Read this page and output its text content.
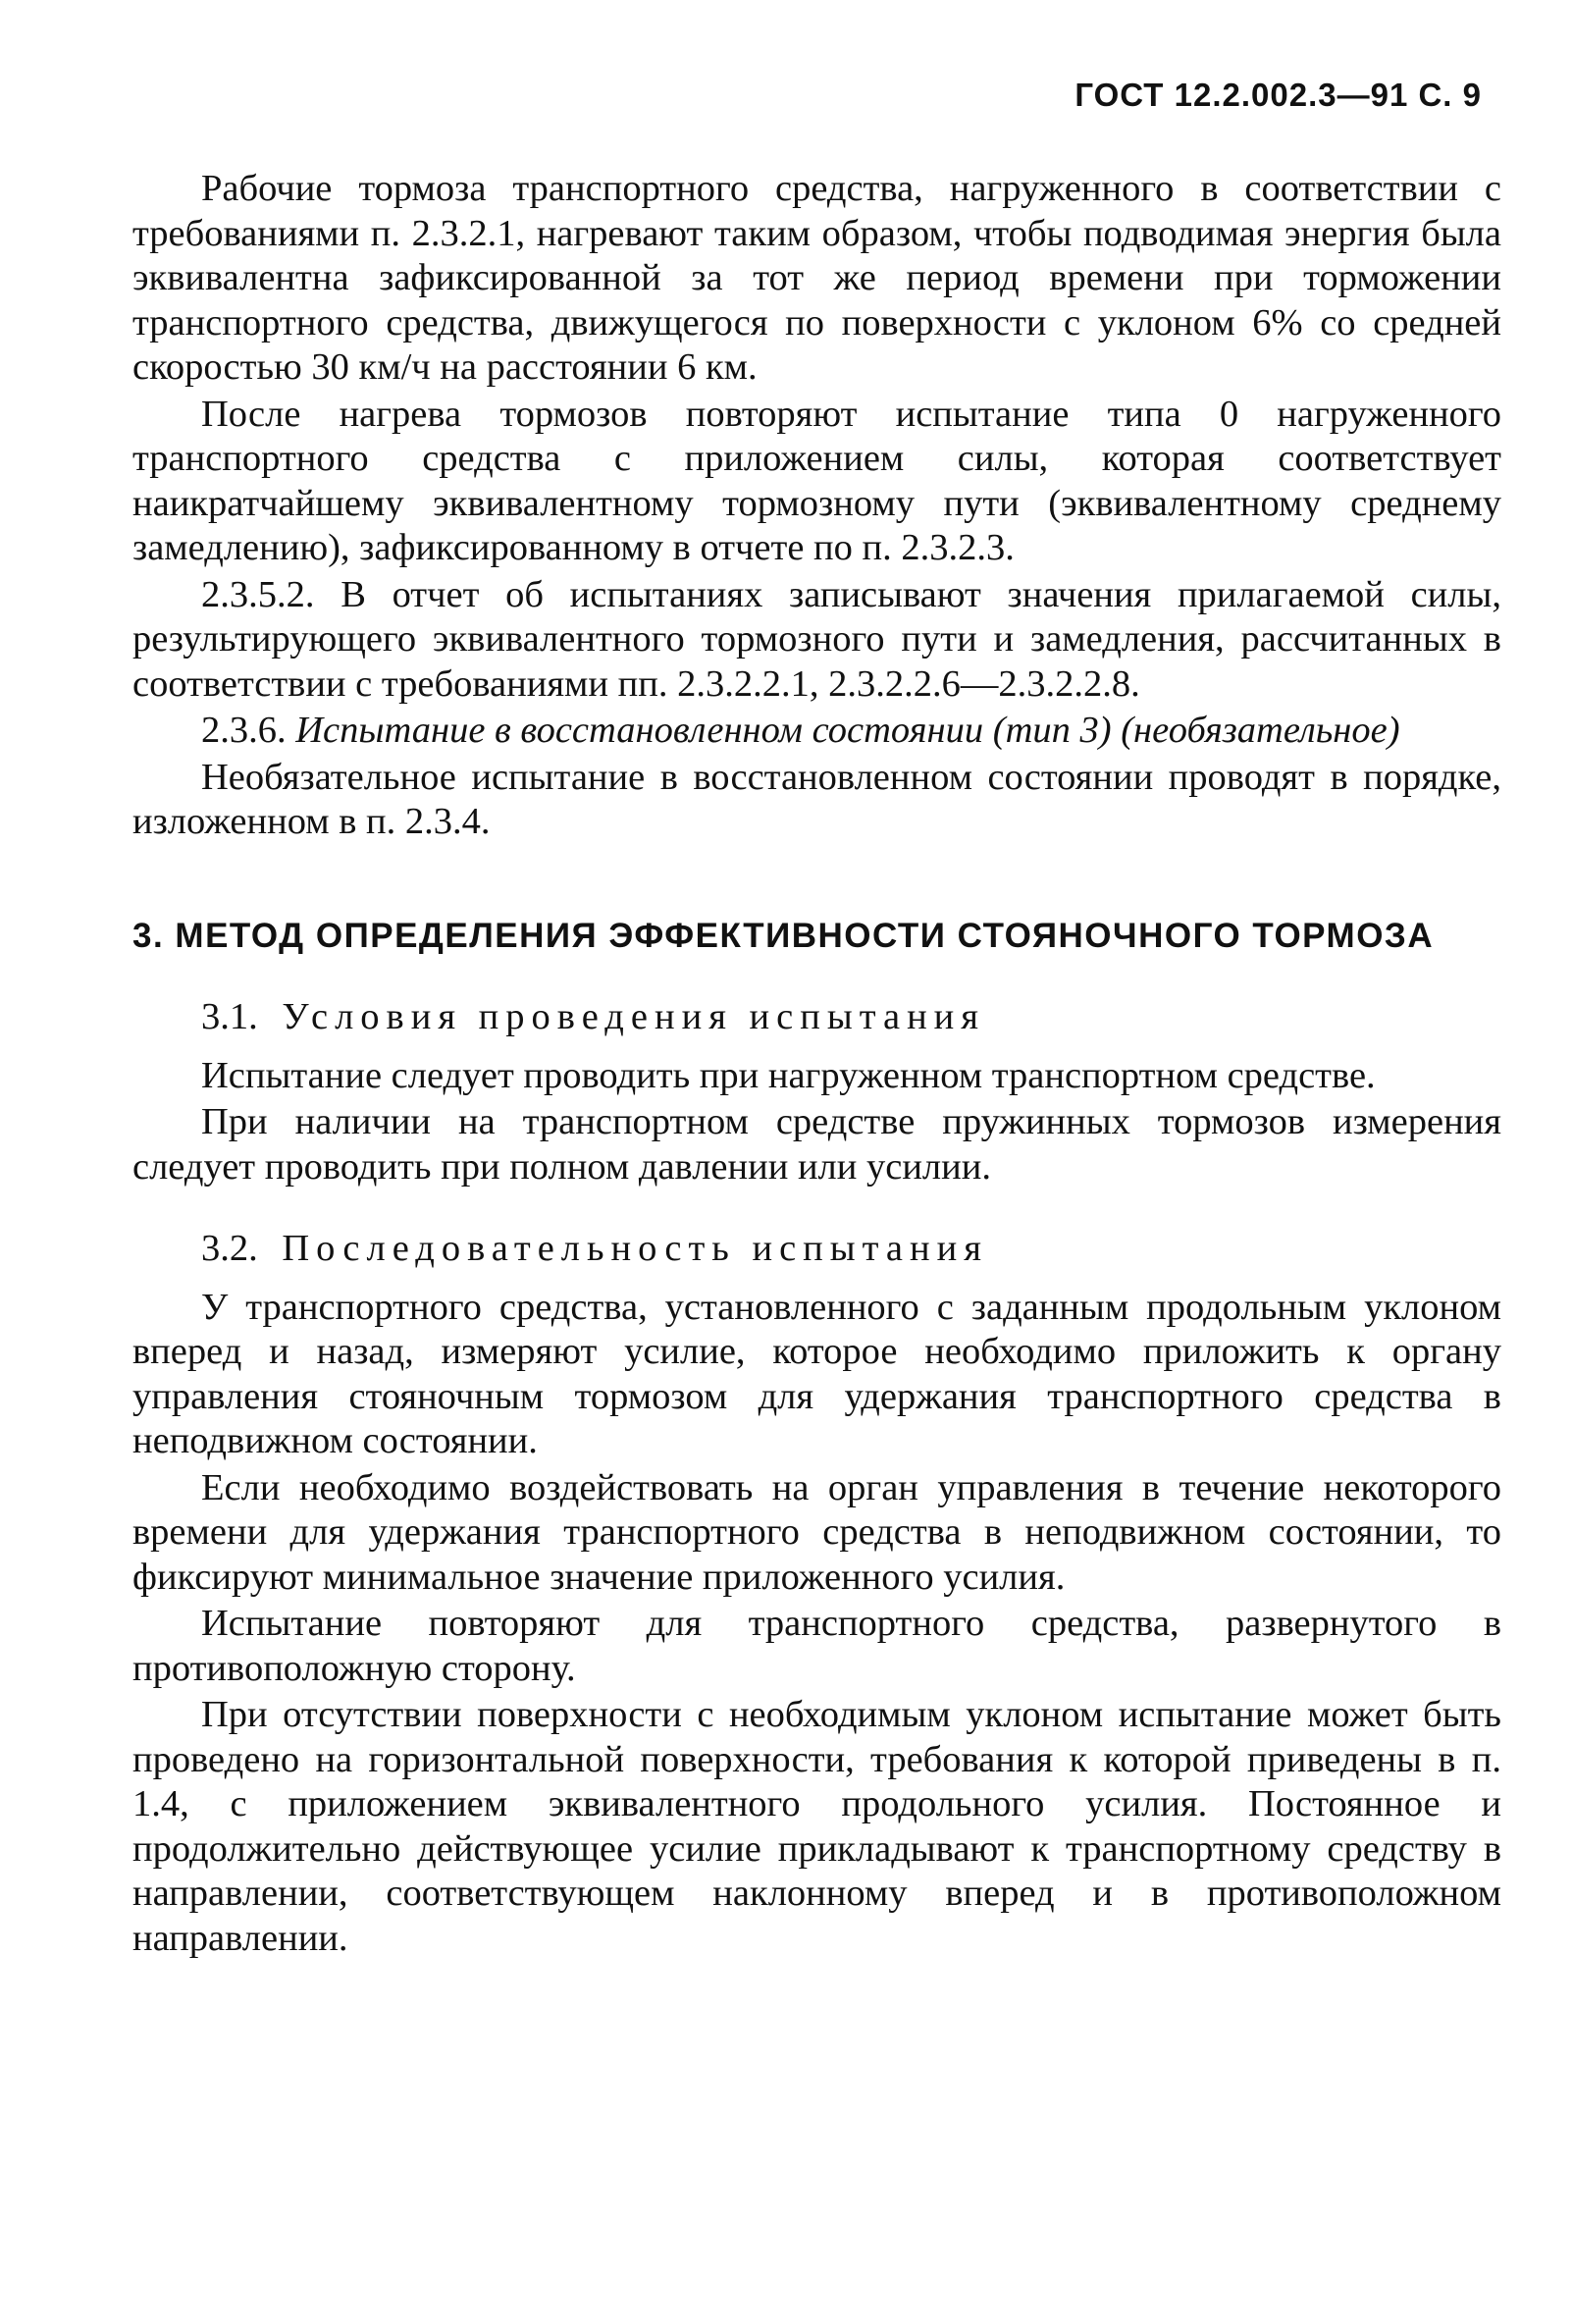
ГОСТ 12.2.002.3—91 С. 9

Рабочие тормоза транспортного средства, нагруженного в соответствии с требованиями п. 2.3.2.1, нагревают таким образом, чтобы подводимая энергия была эквивалентна зафиксированной за тот же период времени при торможении транспортного средства, движущегося по поверхности с уклоном 6% со средней скоростью 30 км/ч на расстоянии 6 км.

После нагрева тормозов повторяют испытание типа 0 нагруженного транспортного средства с приложением силы, которая соответствует наикратчайшему эквивалентному тормозному пути (эквивалентному среднему замедлению), зафиксированному в отчете по п. 2.3.2.3.

2.3.5.2. В отчет об испытаниях записывают значения прилагаемой силы, результирующего эквивалентного тормозного пути и замедления, рассчитанных в соответствии с требованиями пп. 2.3.2.2.1, 2.3.2.2.6—2.3.2.2.8.

2.3.6. Испытание в восстановленном состоянии (тип 3) (необязательное)

Необязательное испытание в восстановленном состоянии проводят в порядке, изложенном в п. 2.3.4.

3. МЕТОД ОПРЕДЕЛЕНИЯ ЭФФЕКТИВНОСТИ СТОЯНОЧНОГО ТОРМОЗА

3.1. Условия проведения испытания

Испытание следует проводить при нагруженном транспортном средстве.

При наличии на транспортном средстве пружинных тормозов измерения следует проводить при полном давлении или усилии.

3.2. Последовательность испытания

У транспортного средства, установленного с заданным продольным уклоном вперед и назад, измеряют усилие, которое необходимо приложить к органу управления стояночным тормозом для удержания транспортного средства в неподвижном состоянии.

Если необходимо воздействовать на орган управления в течение некоторого времени для удержания транспортного средства в неподвижном состоянии, то фиксируют минимальное значение приложенного усилия.

Испытание повторяют для транспортного средства, развернутого в противоположную сторону.

При отсутствии поверхности с необходимым уклоном испытание может быть проведено на горизонтальной поверхности, требования к которой приведены в п. 1.4, с приложением эквивалентного продольного усилия. Постоянное и продолжительно действующее усилие прикладывают к транспортному средству в направлении, соответствующем наклонному вперед и в противоположном направлении.
